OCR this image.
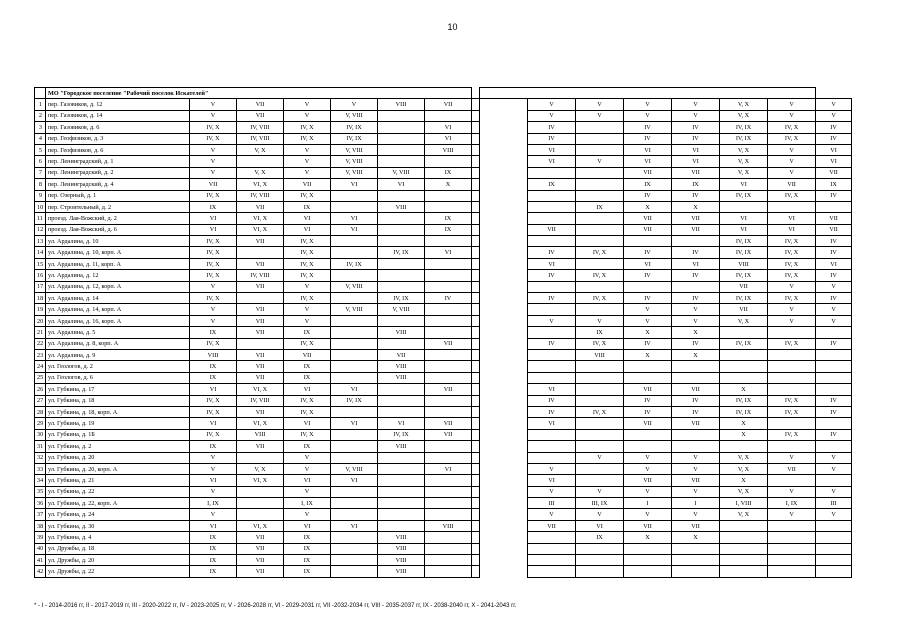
10
	МО "Городское поселение "Рабочий поселок Искателей"															
1	пер. Газовиков, д. 12	V	VII	V	V	VIII	VII			V	V	V	V	V, X	V	V
2	пер. Газовиков, д. 14	V	VII	V	V, VIII					V	V	V	V	V, X	V	V
3	пер. Газовиков, д. 6	IV, X	IV, VIII	IV, X	IV, IX		VI			IV		IV	IV	IV, IX	IV, X	IV
4	пер. Геофизиков, д. 3	IV, X	IV, VIII	IV, X	IV, IX		VI			IV		IV	IV	IV, IX	IV, X	IV
5	пер. Геофизиков, д. 6	V	V, X	V	V, VIII		VIII			VI		VI	VI	V, X	V	VI
6	пер. Ленинградский, д. 1	V		V	V, VIII					VI	V	VI	VI	V, X	V	VI
7	пер. Ленинградский, д. 2	V	V, X	V	V, VIII	V, VIII	IX					VII	VII	V, X	V	VII
8	пер. Ленинградский, д. 4	VII	VI, X	VII	VI	VI	X			IX		IX	IX	VI	VII	IX
9	пер. Озерный, д. 1	IV, X	IV, VIII	IV, X								IV	IV	IV, IX	IV, X	IV
10	пер. Строительный, д. 2	IX	VII	IX		VIII					IX	X	X			
11	проезд. Лая-Вожский, д. 2	VI	VI, X	VI	VI		IX					VII	VII	VI	VI	VII
12	проезд. Лая-Вожский, д. 6	VI	VI, X	VI	VI		IX			VII		VII	VII	VI	VI	VII
13	ул. Ардалина, д. 10	IV, X	VII	IV, X										IV, IX	IV, X	IV
14	ул. Ардалина, д. 10, корп. А	IV, X		IV, X		IV, IX	VI			IV	IV, X	IV	IV	IV, IX	IV, X	IV
15	ул. Ардалина, д. 11, корп. А	IV, X	VII	IV, X	IV, IX					VI		VI	VI	VIII	IV, X	VI
16	ул. Ардалина, д. 12	IV, X	IV, VIII	IV, X						IV	IV, X	IV	IV	IV, IX	IV, X	IV
17	ул. Ардалина, д. 12, корп. А	V	VII	V	V, VIII									VII	V	V
18	ул. Ардалина, д. 14	IV, X		IV, X		IV, IX	IV			IV	IV, X	IV	IV	IV, IX	IV, X	IV
19	ул. Ардалина, д. 14, корп. А	V	VII	V	V, VIII	V, VIII						V	V	VII	V	V
20	ул. Ардалина, д. 16, корп. А	V	VII	V						V	V	V	V	V, X	V	V
21	ул. Ардалина, д. 5	IX	VII	IX		VIII					IX	X	X			
22	ул. Ардалина, д. 8, корп. А	IV, X		IV, X			VII			IV	IV, X	IV	IV	IV, IX	IV, X	IV
23	ул. Ардалина, д. 9	VIII	VII	VII		VII					VIII	X	X			
24	ул. Геологов, д. 2	IX	VII	IX		VIII										
25	ул. Геологов, д. 6	IX	VII	IX		VIII										
26	ул. Губкина, д. 17	VI	VI, X	VI	VI		VII			VI		VII	VII	X		
27	ул. Губкина, д. 18	IV, X	IV, VIII	IV, X	IV, IX					IV		IV	IV	IV, IX	IV, X	IV
28	ул. Губкина, д. 18, корп. А	IV, X	VII	IV, X						IV	IV, X	IV	IV	IV, IX	IV, X	IV
29	ул. Губкина, д. 19	VI	VI, X	VI	VI	VI	VII			VI		VII	VII	X		
30	ул. Губкина, д. 1Б	IV, X	VIII	IV, X		IV, IX	VII							X	IV, X	IV
31	ул. Губкина, д. 2	IX	VII	IX		VIII										
32	ул. Губкина, д. 20	V		V							V	V	V	V, X	V	V
33	ул. Губкина, д. 20, корп. А	V	V, X	V	V, VIII		VI			V		V	V	V, X	VII	V
34	ул. Губкина, д. 21	VI	VI, X	VI	VI					VI		VII	VII	X		
35	ул. Губкина, д. 22	V		V						V	V	V	V	V, X	V	V
36	ул. Губкина, д. 22, корп. А	I, IX		I, IX						III	III, IX	I	I	I, VIII	I, IX	III
37	ул. Губкина, д. 24	V		V						V	V	V	V	V, X	V	V
38	ул. Губкина, д. 30	VI	VI, X	VI	VI		VIII			VII	VI	VII	VII			
39	ул. Губкина, д. 4	IX	VII	IX		VIII					IX	X	X			
40	ул. Дружбы, д. 18	IX	VII	IX		VIII										
41	ул. Дружбы, д. 20	IX	VII	IX		VIII										
42	ул. Дружбы, д. 22	IX	VII	IX		VIII										
* - I - 2014-2016 гг, II - 2017-2019 гг, III - 2020-2022 гг, IV - 2023-2025 гг, V - 2026-2028 гг, VI - 2029-2031 гг, VII -2032-2034 гг, VIII - 2035-2037 гг, IX - 2038-2040 гг, X - 2041-2043 гг.
